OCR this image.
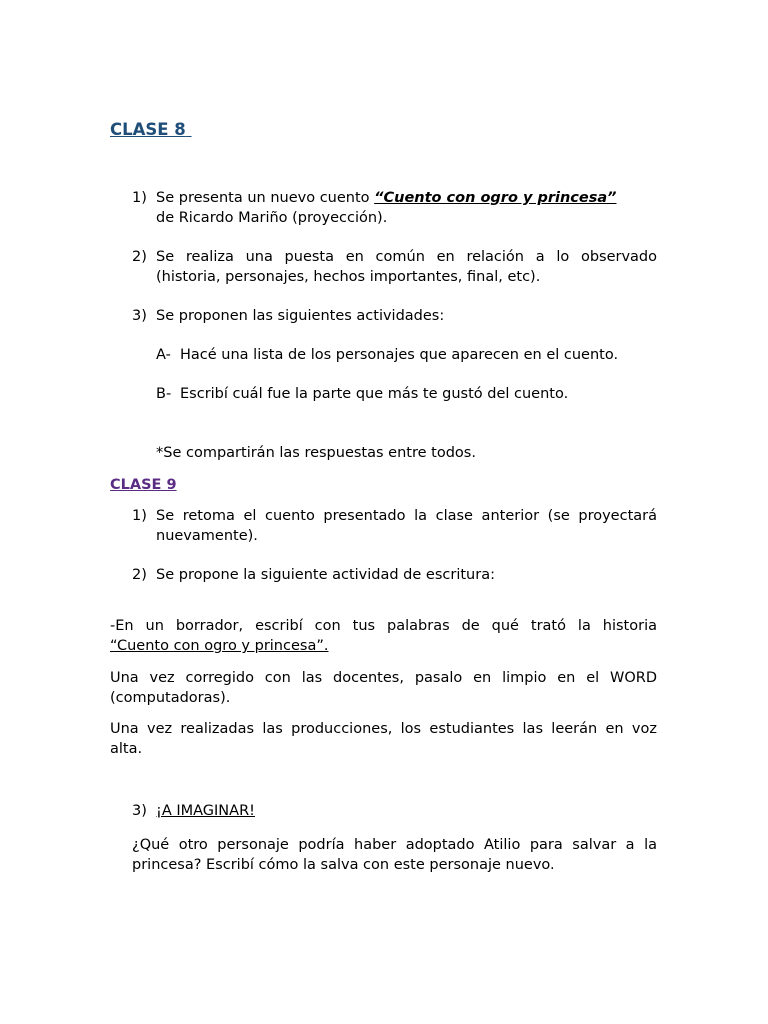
CLASE 8
1) Se presenta un nuevo cuento “Cuento con ogro y princesa”
de Ricardo Mariño (proyección).
2) Se realiza una puesta en común en relación a lo observado
(historia, personajes, hechos importantes, final, etc).
3) Se proponen las siguientes actividades:
A- Hacé una lista de los personajes que aparecen en el cuento.
B- Escribí cuál fue la parte que más te gustó del cuento.
*Se compartirán las respuestas entre todos.
CLASE 9
1) Se retoma el cuento presentado la clase anterior (se proyectará
nuevamente).
2) Se propone la siguiente actividad de escritura:
-En un borrador, escribí con tus palabras de qué trató la historia
“Cuento con ogro y princesa”.
Una vez corregido con las docentes, pasalo en limpio en el WORD
(computadoras).
Una vez realizadas las producciones, los estudiantes las leerán en voz
alta.
3) ¡A IMAGINAR!
¿Qué otro personaje podría haber adoptado Atilio para salvar a la
princesa? Escribí cómo la salva con este personaje nuevo.
